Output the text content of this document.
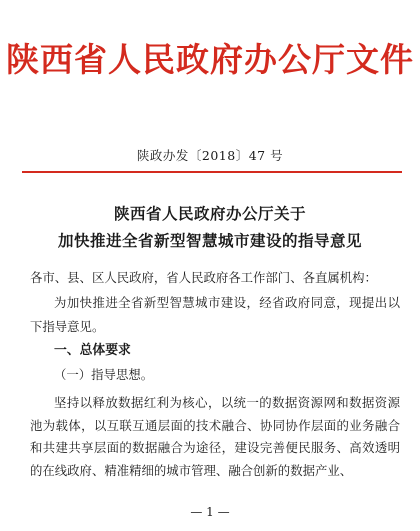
陕西省人民政府办公厅文件
陕政办发〔2018〕47 号
陕西省人民政府办公厅关于
加快推进全省新型智慧城市建设的指导意见

各市、县、区人民政府，省人民政府各工作部门、各直属机构：

为加快推进全省新型智慧城市建设，经省政府同意，现提出以下指导意见。

一、总体要求
（一）指导思想。

坚持以释放数据红利为核心，以统一的数据资源网和数据资源池为载体，以互联互通层面的技术融合、协同协作层面的业务融合和共建共享层面的数据融合为途径，建设完善便民服务、高效透明的在线政府、精准精细的城市管理、融合创新的数据产业、

— 1 —
